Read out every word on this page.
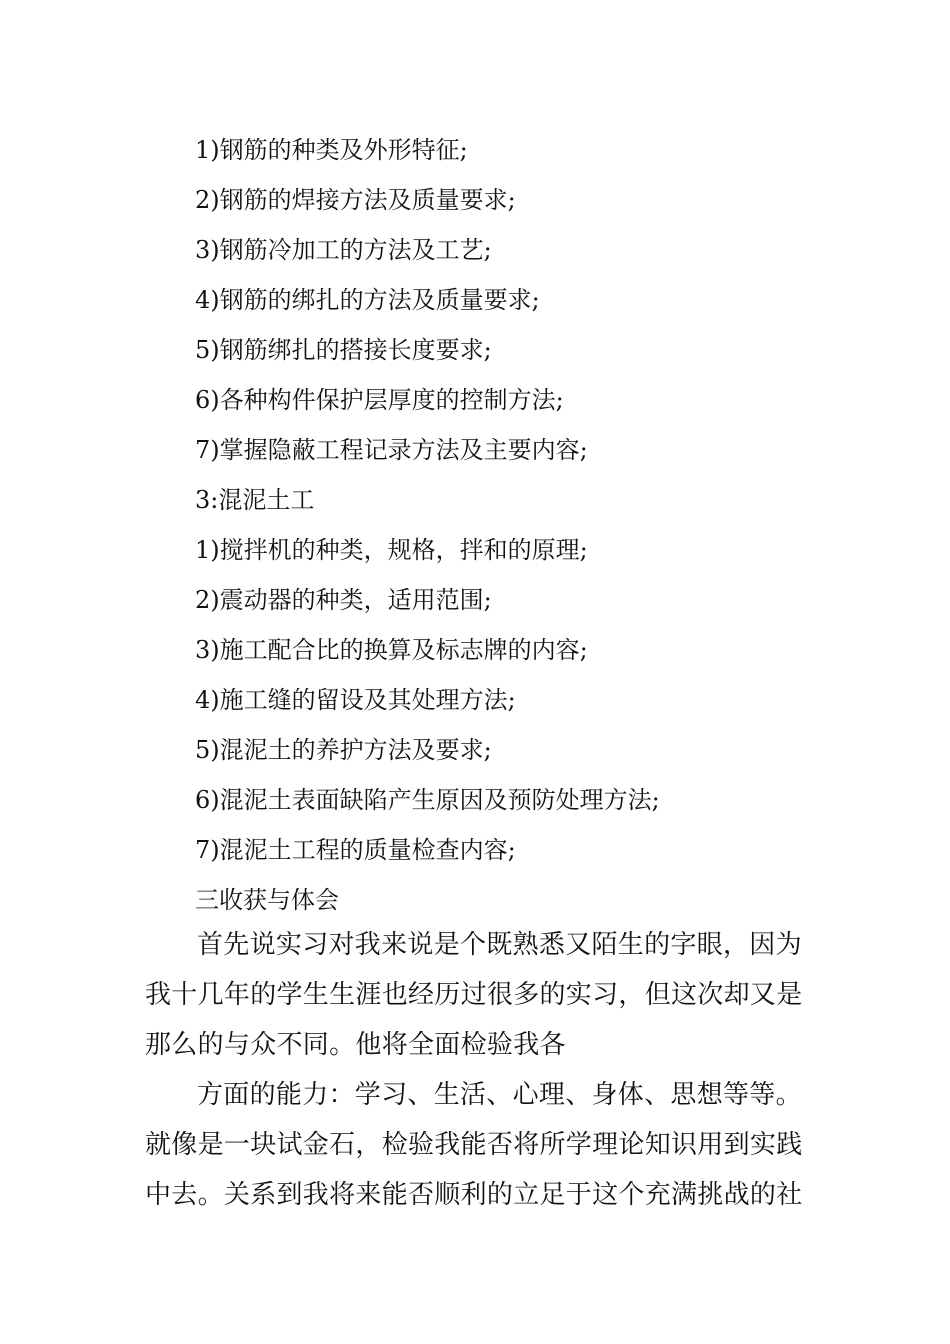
1)钢筋的种类及外形特征;
2)钢筋的焊接方法及质量要求;
3)钢筋冷加工的方法及工艺;
4)钢筋的绑扎的方法及质量要求;
5)钢筋绑扎的搭接长度要求;
6)各种构件保护层厚度的控制方法;
7)掌握隐蔽工程记录方法及主要内容;
3:混泥土工
1)搅拌机的种类，规格，拌和的原理;
2)震动器的种类，适用范围;
3)施工配合比的换算及标志牌的内容;
4)施工缝的留设及其处理方法;
5)混泥土的养护方法及要求;
6)混泥土表面缺陷产生原因及预防处理方法;
7)混泥土工程的质量检查内容;
三收获与体会

首先说实习对我来说是个既熟悉又陌生的字眼，因为我十几年的学生生涯也经历过很多的实习，但这次却又是那么的与众不同。他将全面检验我各

方面的能力：学习、生活、心理、身体、思想等等。就像是一块试金石，检验我能否将所学理论知识用到实践中去。关系到我将来能否顺利的立足于这个充满挑战的社
